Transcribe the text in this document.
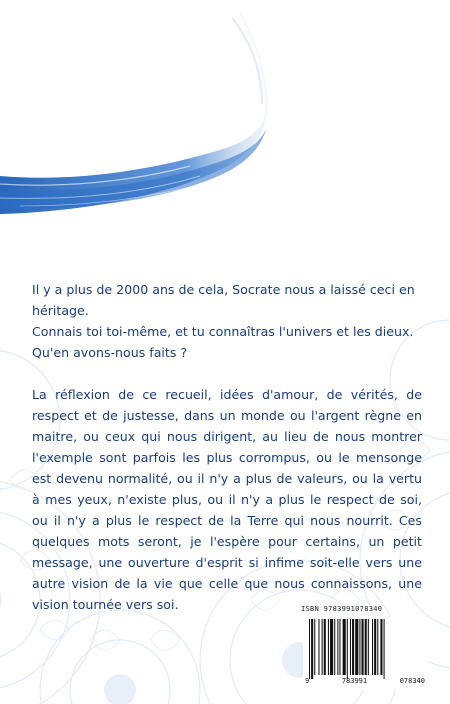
Il y a plus de 2000 ans de cela, Socrate nous a laissé ceci en héritage.

Connais toi toi-même, et tu connaîtras l'univers et les dieux.

Qu'en avons-nous faits ?

La réflexion de ce recueil, idées d'amour, de vérités, de respect et de justesse, dans un monde ou l'argent règne en maitre, ou ceux qui nous dirigent, au lieu de nous montrer l'exemple sont parfois les plus corrompus, ou le mensonge est devenu normalité, ou il n'y a plus de valeurs, ou la vertu à mes yeux, n'existe plus, ou il n'y a plus le respect de soi, ou il n'y a plus le respect de la Terre qui nous nourrit. Ces quelques mots seront, je l'espère pour certains, un petit message, une ouverture d'esprit si infime soit-elle vers une autre vision de la vie que celle que nous connaissons, une vision tournée vers soi.	ISBN 9783991078340
9	783991	078340
